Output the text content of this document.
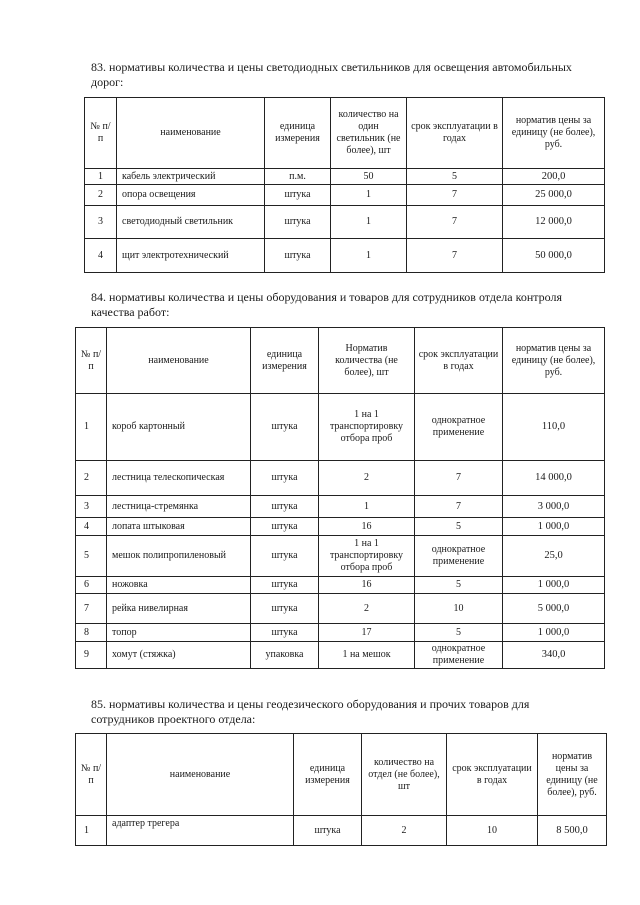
83. нормативы количества и цены светодиодных светильников для освещения автомобильных дорог:

№ п/п	наименование	единица измерения	количество на один светильник (не более), шт	срок эксплуатации в годах	норматив цены за единицу (не более), руб.
1	кабель электрический	п.м.	50	5	200,0
2	опора освещения	штука	1	7	25 000,0
3	светодиодный светильник	штука	1	7	12 000,0
4	щит электротехнический	штука	1	7	50 000,0

84. нормативы количества и цены оборудования и товаров для сотрудников отдела контроля качества работ:

№ п/п	наименование	единица измерения	Норматив количества (не более), шт	срок эксплуатации в годах	норматив цены за единицу (не более), руб.
1	короб картонный	штука	1 на 1 транспортировку отбора проб	однократное применение	110,0
2	лестница телескопическая	штука	2	7	14 000,0
3	лестница-стремянка	штука	1	7	3 000,0
4	лопата штыковая	штука	16	5	1 000,0
5	мешок полипропиленовый	штука	1 на 1 транспортировку отбора проб	однократное применение	25,0
6	ножовка	штука	16	5	1 000,0
7	рейка нивелирная	штука	2	10	5 000,0
8	топор	штука	17	5	1 000,0
9	хомут (стяжка)	упаковка	1 на мешок	однократное применение	340,0

85. нормативы количества и цены геодезического оборудования и прочих товаров для сотрудников проектного отдела:

№ п/п	наименование	единица измерения	количество на отдел (не более), шт	срок эксплуатации в годах	норматив цены за единицу (не более), руб.
1	адаптер трегера	штука	2	10	8 500,0
